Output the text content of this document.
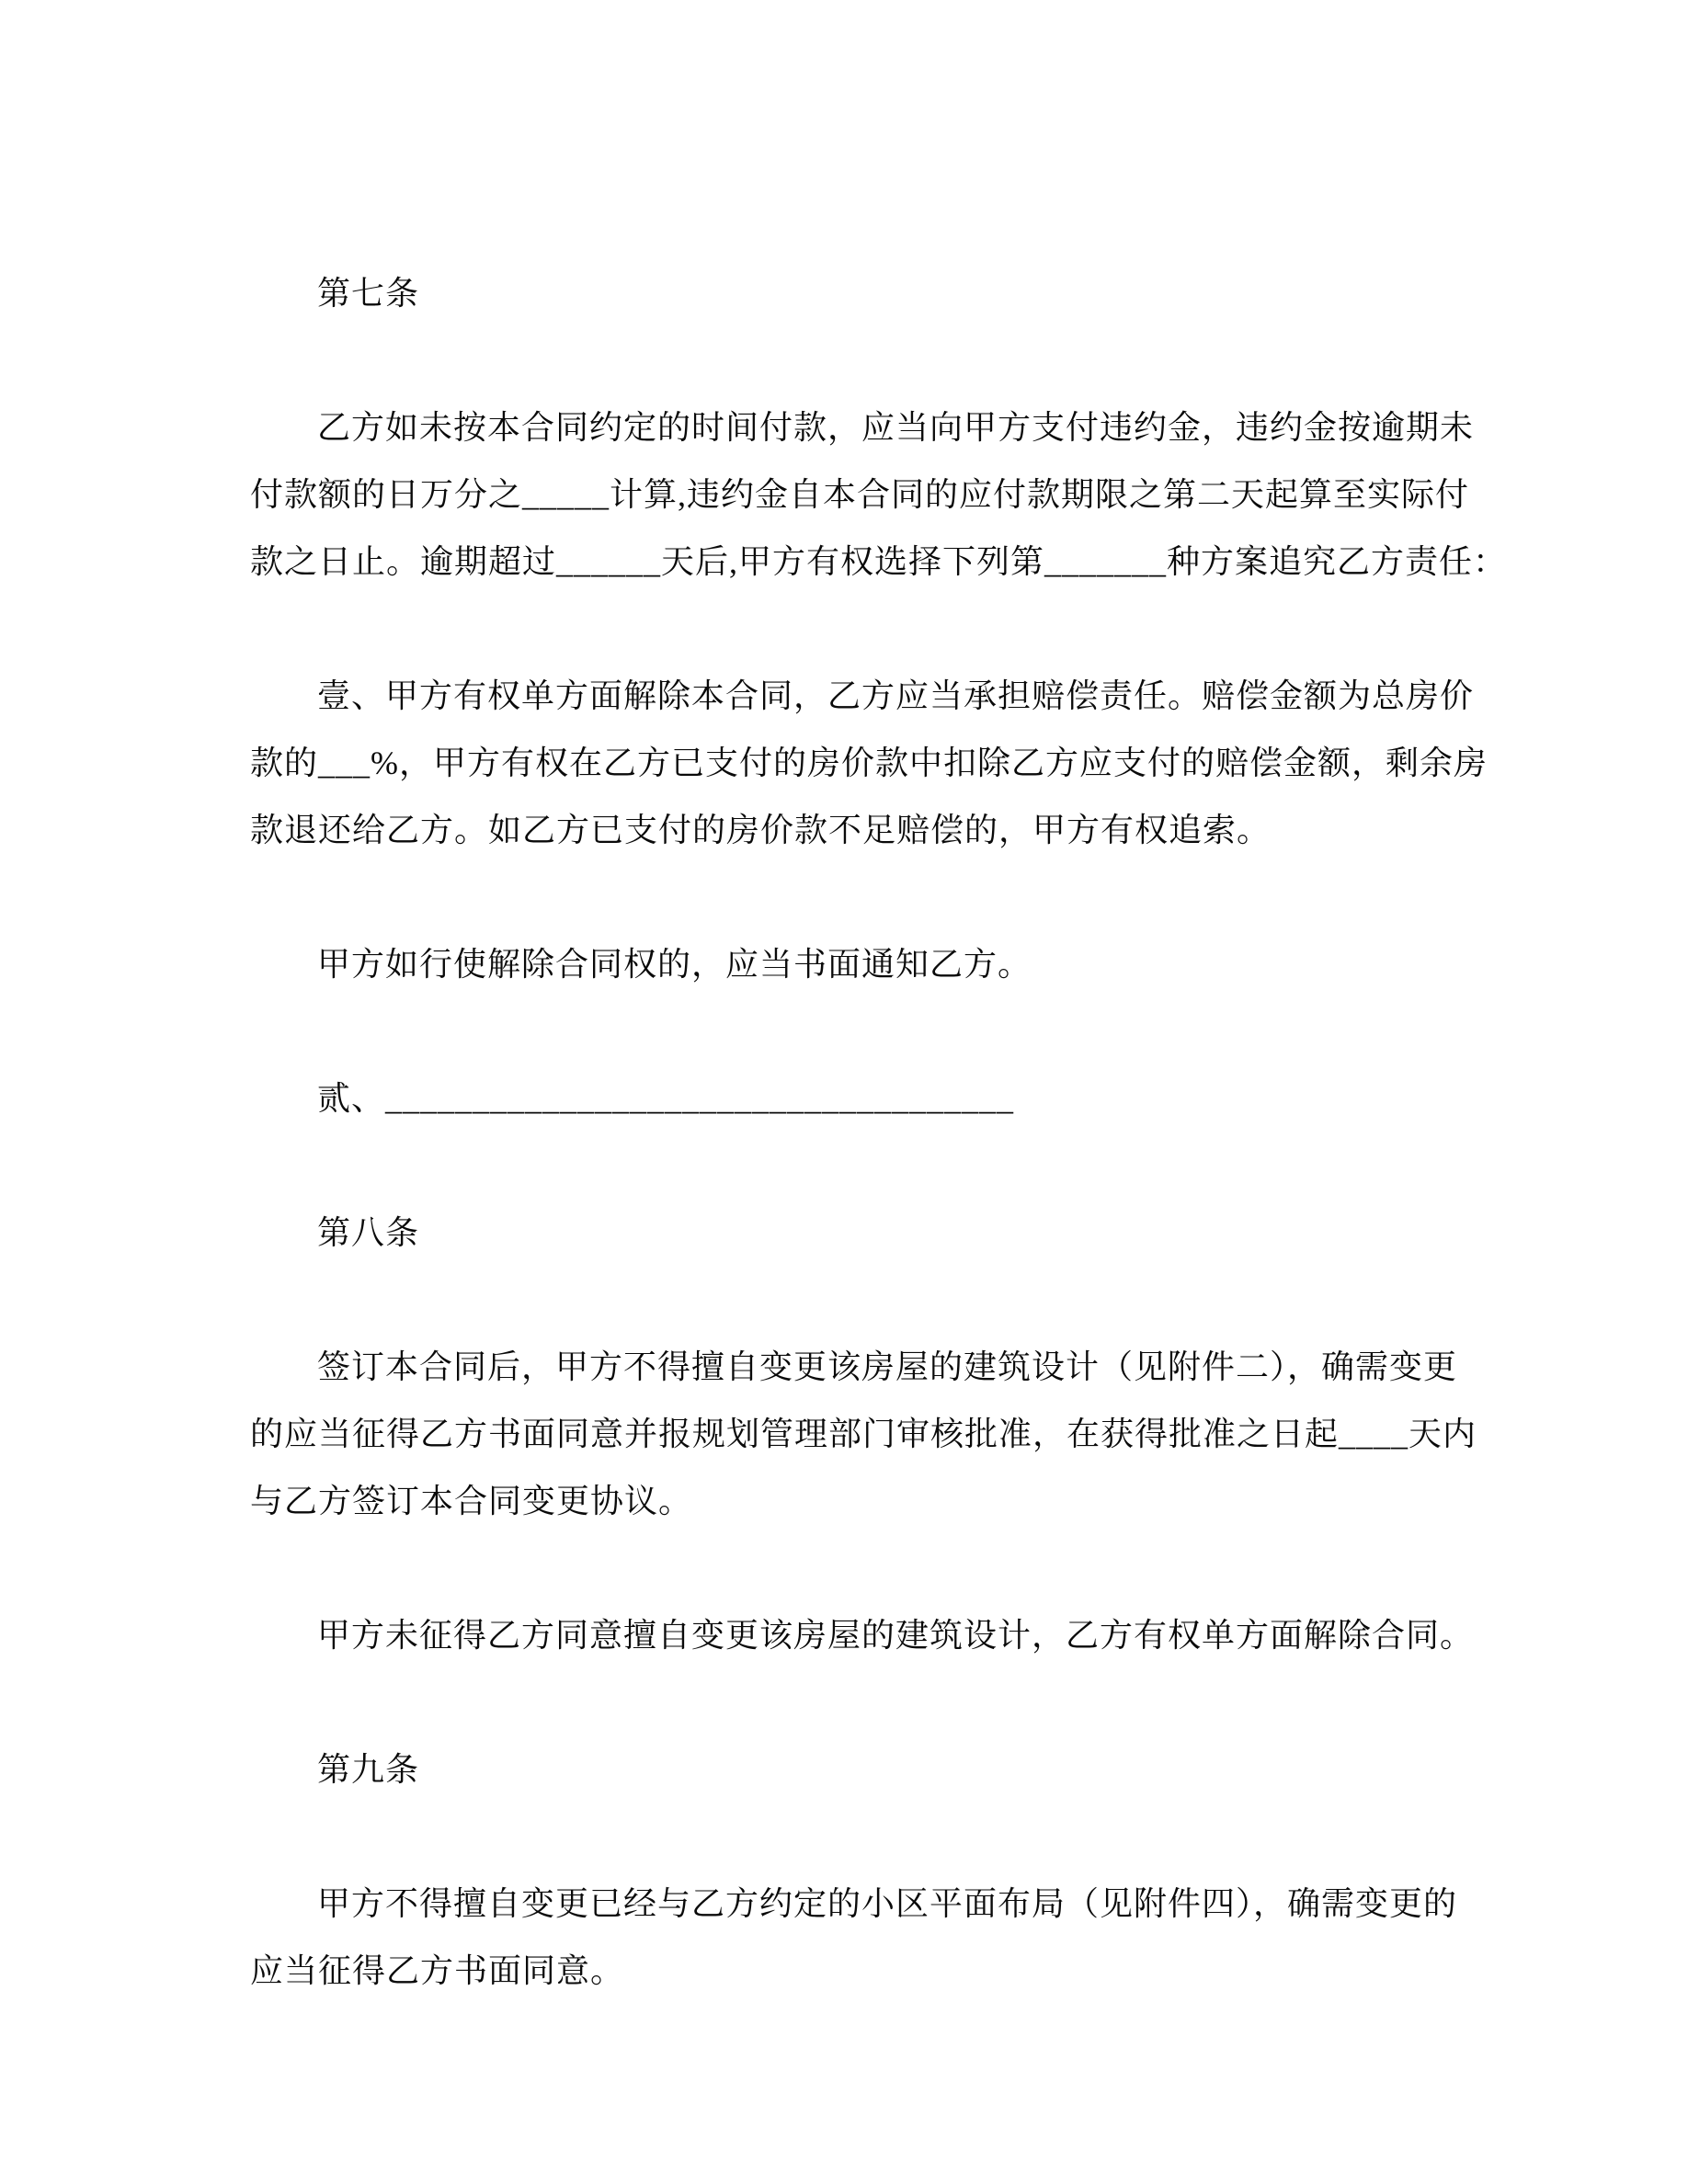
第七条
乙方如未按本合同约定的时间付款，应当向甲方支付违约金，违约金按逾期未
付款额的日万分之_____计算,违约金自本合同的应付款期限之第二天起算至实际付
款之日止。逾期超过______天后,甲方有权选择下列第_______种方案追究乙方责任：
壹、甲方有权单方面解除本合同，乙方应当承担赔偿责任。赔偿金额为总房价
款的___%，甲方有权在乙方已支付的房价款中扣除乙方应支付的赔偿金额，剩余房
款退还给乙方。如乙方已支付的房价款不足赔偿的，甲方有权追索。
甲方如行使解除合同权的，应当书面通知乙方。
贰、____________________________________
第八条
签订本合同后，甲方不得擅自变更该房屋的建筑设计（见附件二），确需变更
的应当征得乙方书面同意并报规划管理部门审核批准，在获得批准之日起____天内
与乙方签订本合同变更协议。
甲方未征得乙方同意擅自变更该房屋的建筑设计，乙方有权单方面解除合同。
第九条
甲方不得擅自变更已经与乙方约定的小区平面布局（见附件四），确需变更的
应当征得乙方书面同意。
